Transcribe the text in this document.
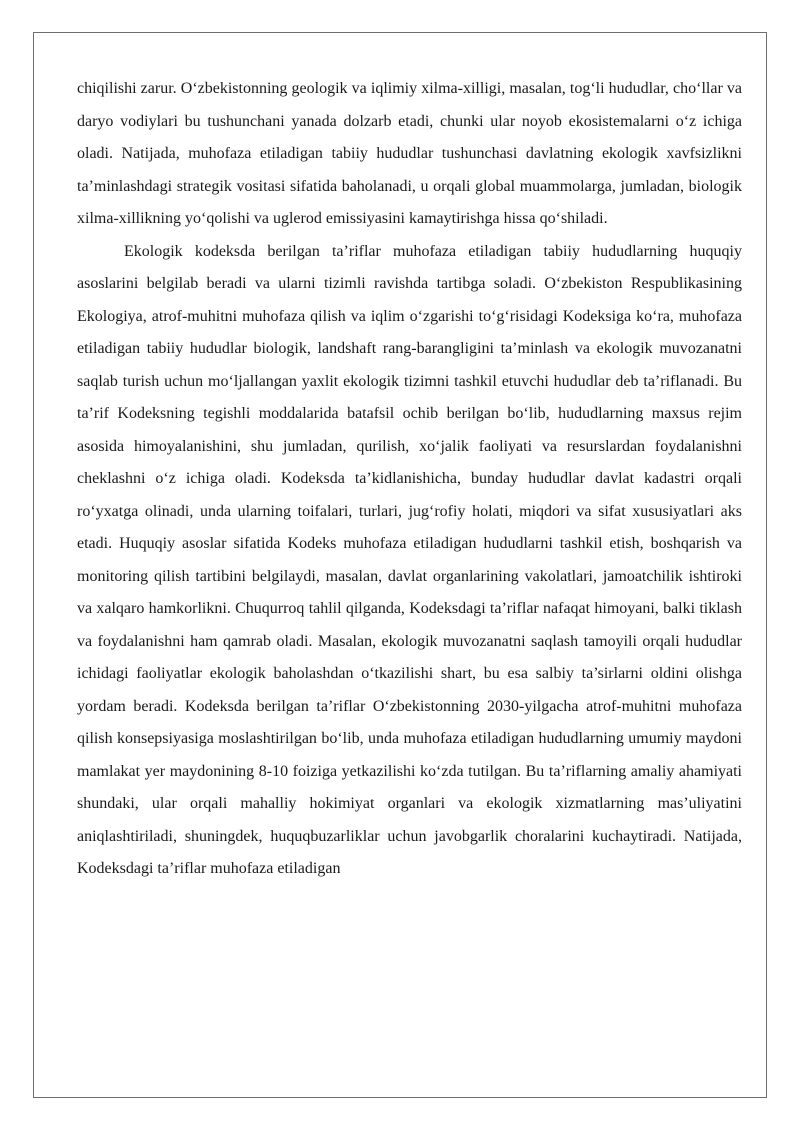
chiqilishi zarur. O‘zbekistonning geologik va iqlimiy xilma-xilligi, masalan, tog‘li hududlar, cho‘llar va daryo vodiylari bu tushunchani yanada dolzarb etadi, chunki ular noyob ekosistemalarni o‘z ichiga oladi. Natijada, muhofaza etiladigan tabiiy hududlar tushunchasi davlatning ekologik xavfsizlikni ta’minlashdagi strategik vositasi sifatida baholanadi, u orqali global muammolarga, jumladan, biologik xilma-xillikning yo‘qolishi va uglerod emissiyasini kamaytirishga hissa qo‘shiladi.

Ekologik kodeksda berilgan ta’riflar muhofaza etiladigan tabiiy hududlarning huquqiy asoslarini belgilab beradi va ularni tizimli ravishda tartibga soladi. O‘zbekiston Respublikasining Ekologiya, atrof-muhitni muhofaza qilish va iqlim o‘zgarishi to‘g‘risidagi Kodeksiga ko‘ra, muhofaza etiladigan tabiiy hududlar biologik, landshaft rang-barangligini ta’minlash va ekologik muvozanatni saqlab turish uchun mo‘ljallangan yaxlit ekologik tizimni tashkil etuvchi hududlar deb ta’riflanadi. Bu ta’rif Kodeksning tegishli moddalarida batafsil ochib berilgan bo‘lib, hududlarning maxsus rejim asosida himoyalanishini, shu jumladan, qurilish, xo‘jalik faoliyati va resurslardan foydalanishni cheklashni o‘z ichiga oladi. Kodeksda ta’kidlanishicha, bunday hududlar davlat kadastri orqali ro‘yxatga olinadi, unda ularning toifalari, turlari, jug‘rofiy holati, miqdori va sifat xususiyatlari aks etadi. Huquqiy asoslar sifatida Kodeks muhofaza etiladigan hududlarni tashkil etish, boshqarish va monitoring qilish tartibini belgilaydi, masalan, davlat organlarining vakolatlari, jamoatchilik ishtiroki va xalqaro hamkorlikni. Chuqurroq tahlil qilganda, Kodeksdagi ta’riflar nafaqat himoyani, balki tiklash va foydalanishni ham qamrab oladi. Masalan, ekologik muvozanatni saqlash tamoyili orqali hududlar ichidagi faoliyatlar ekologik baholashdan o‘tkazilishi shart, bu esa salbiy ta’sirlarni oldini olishga yordam beradi. Kodeksda berilgan ta’riflar O‘zbekistonning 2030-yilgacha atrof-muhitni muhofaza qilish konsepsiyasiga moslashtirilgan bo‘lib, unda muhofaza etiladigan hududlarning umumiy maydoni mamlakat yer maydonining 8-10 foiziga yetkazilishi ko‘zda tutilgan. Bu ta’riflarning amaliy ahamiyati shundaki, ular orqali mahalliy hokimiyat organlari va ekologik xizmatlarning mas’uliyatini aniqlashtiriladi, shuningdek, huquqbuzarliklar uchun javobgarlik choralarini kuchaytiradi. Natijada, Kodeksdagi ta’riflar muhofaza etiladigan
